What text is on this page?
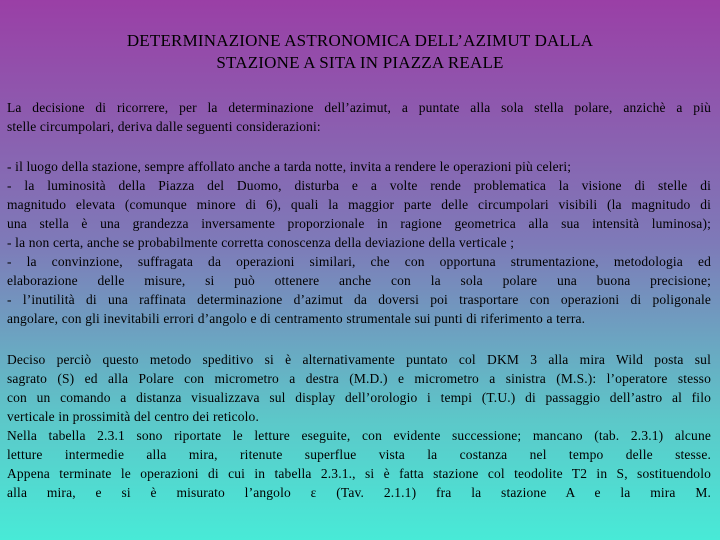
DETERMINAZIONE ASTRONOMICA DELL’AZIMUT DALLA
STAZIONE A SITA IN PIAZZA REALE
La decisione di ricorrere, per la determinazione dell’azimut, a puntate alla sola stella polare, anzichè a più
stelle circumpolari, deriva dalle seguenti considerazioni:
- il luogo della stazione, sempre affollato anche a tarda notte, invita a rendere le operazioni più celeri;
- la luminosità della Piazza del Duomo, disturba e a volte rende problematica la visione di stelle di
magnitudo elevata (comunque minore di 6), quali la maggior parte delle circumpolari visibili (la magnitudo di
una stella è una grandezza inversamente proporzionale in ragione geometrica alla sua intensità luminosa);
- la non certa, anche se probabilmente corretta conoscenza della deviazione della verticale ;
- la convinzione, suffragata da operazioni similari, che con opportuna strumentazione, metodologia ed
elaborazione delle misure, si può ottenere anche con la sola polare una buona precisione;
- l’inutilità di una raffinata determinazione d’azimut da doversi poi trasportare con operazioni di poligonale
angolare, con gli inevitabili errori d’angolo e di centramento strumentale sui punti di riferimento a terra.
Deciso perciò questo metodo speditivo si è alternativamente puntato col DKM 3 alla mira Wild posta sul
sagrato (S) ed alla Polare con micrometro a destra (M.D.) e micrometro a sinistra (M.S.): l’operatore stesso
con un comando a distanza visualizzava sul display dell’orologio i tempi (T.U.) di passaggio dell’astro al filo
verticale in prossimità del centro dei reticolo.
Nella tabella 2.3.1 sono riportate le letture eseguite, con evidente successione; mancano (tab. 2.3.1) alcune
letture intermedie alla mira, ritenute superflue vista la costanza nel tempo delle stesse.
Appena terminate le operazioni di cui in tabella 2.3.1., si è fatta stazione col teodolite T2 in S, sostituendolo
alla mira, e si è misurato l’angolo ε (Tav. 2.1.1) fra la stazione A e la mira M.
